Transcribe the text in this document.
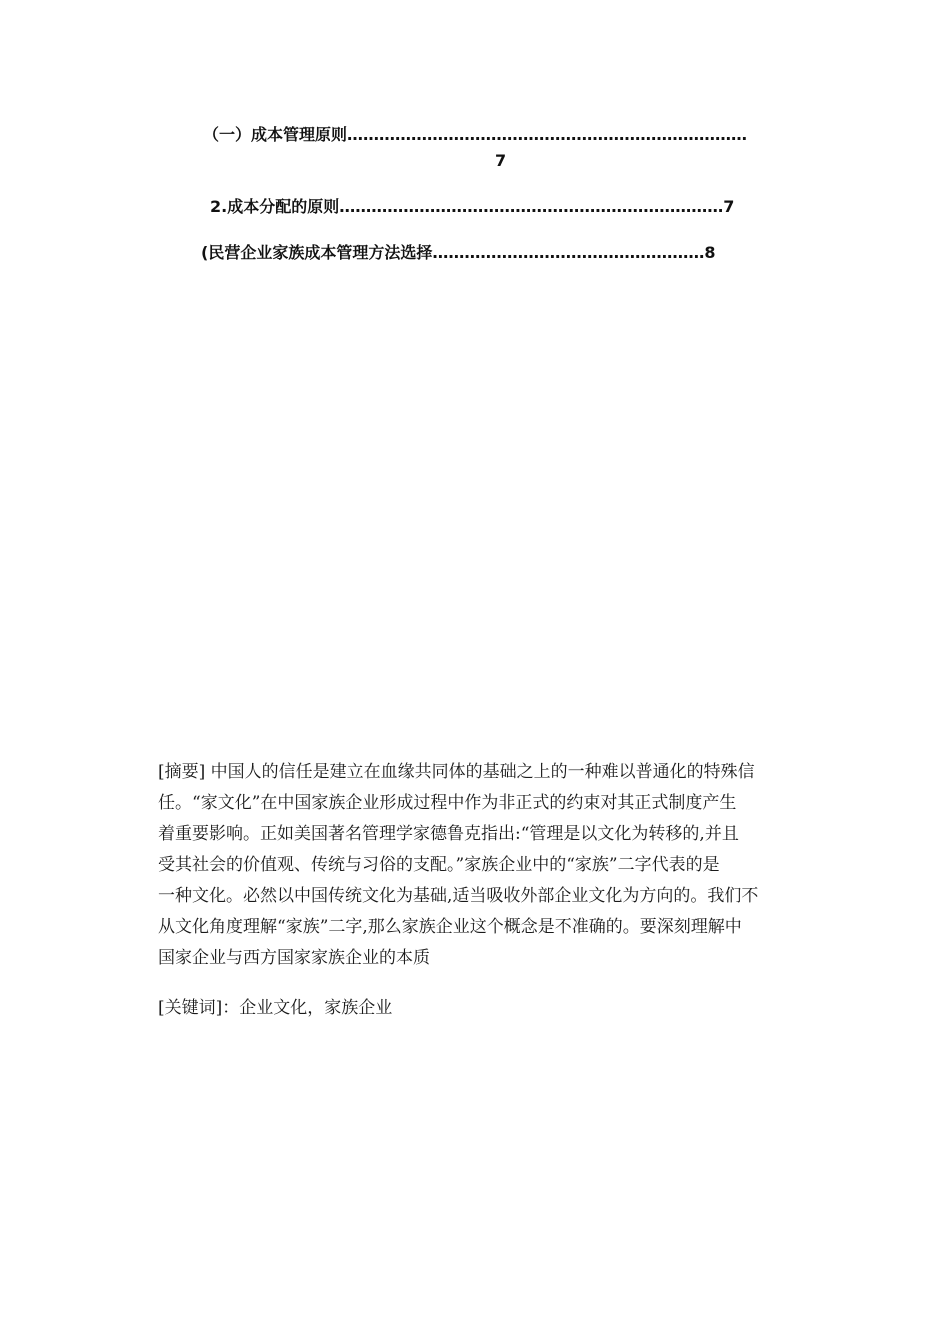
（一）成本管理原则…………………………………………………………………
7
2.成本分配的原则………………………………………………………………7
(民营企业家族成本管理方法选择……………………………………………8
[摘要] 中国人的信任是建立在血缘共同体的基础之上的一种难以普通化的特殊信
任。“家文化”在中国家族企业形成过程中作为非正式的约束对其正式制度产生
着重要影响。正如美国著名管理学家德鲁克指出:“管理是以文化为转移的,并且
受其社会的价值观、传统与习俗的支配。”家族企业中的“家族”二字代表的是
一种文化。必然以中国传统文化为基础,适当吸收外部企业文化为方向的。我们不
从文化角度理解“家族”二字,那么家族企业这个概念是不准确的。要深刻理解中
国家企业与西方国家家族企业的本质
[关键词]：企业文化，家族企业
